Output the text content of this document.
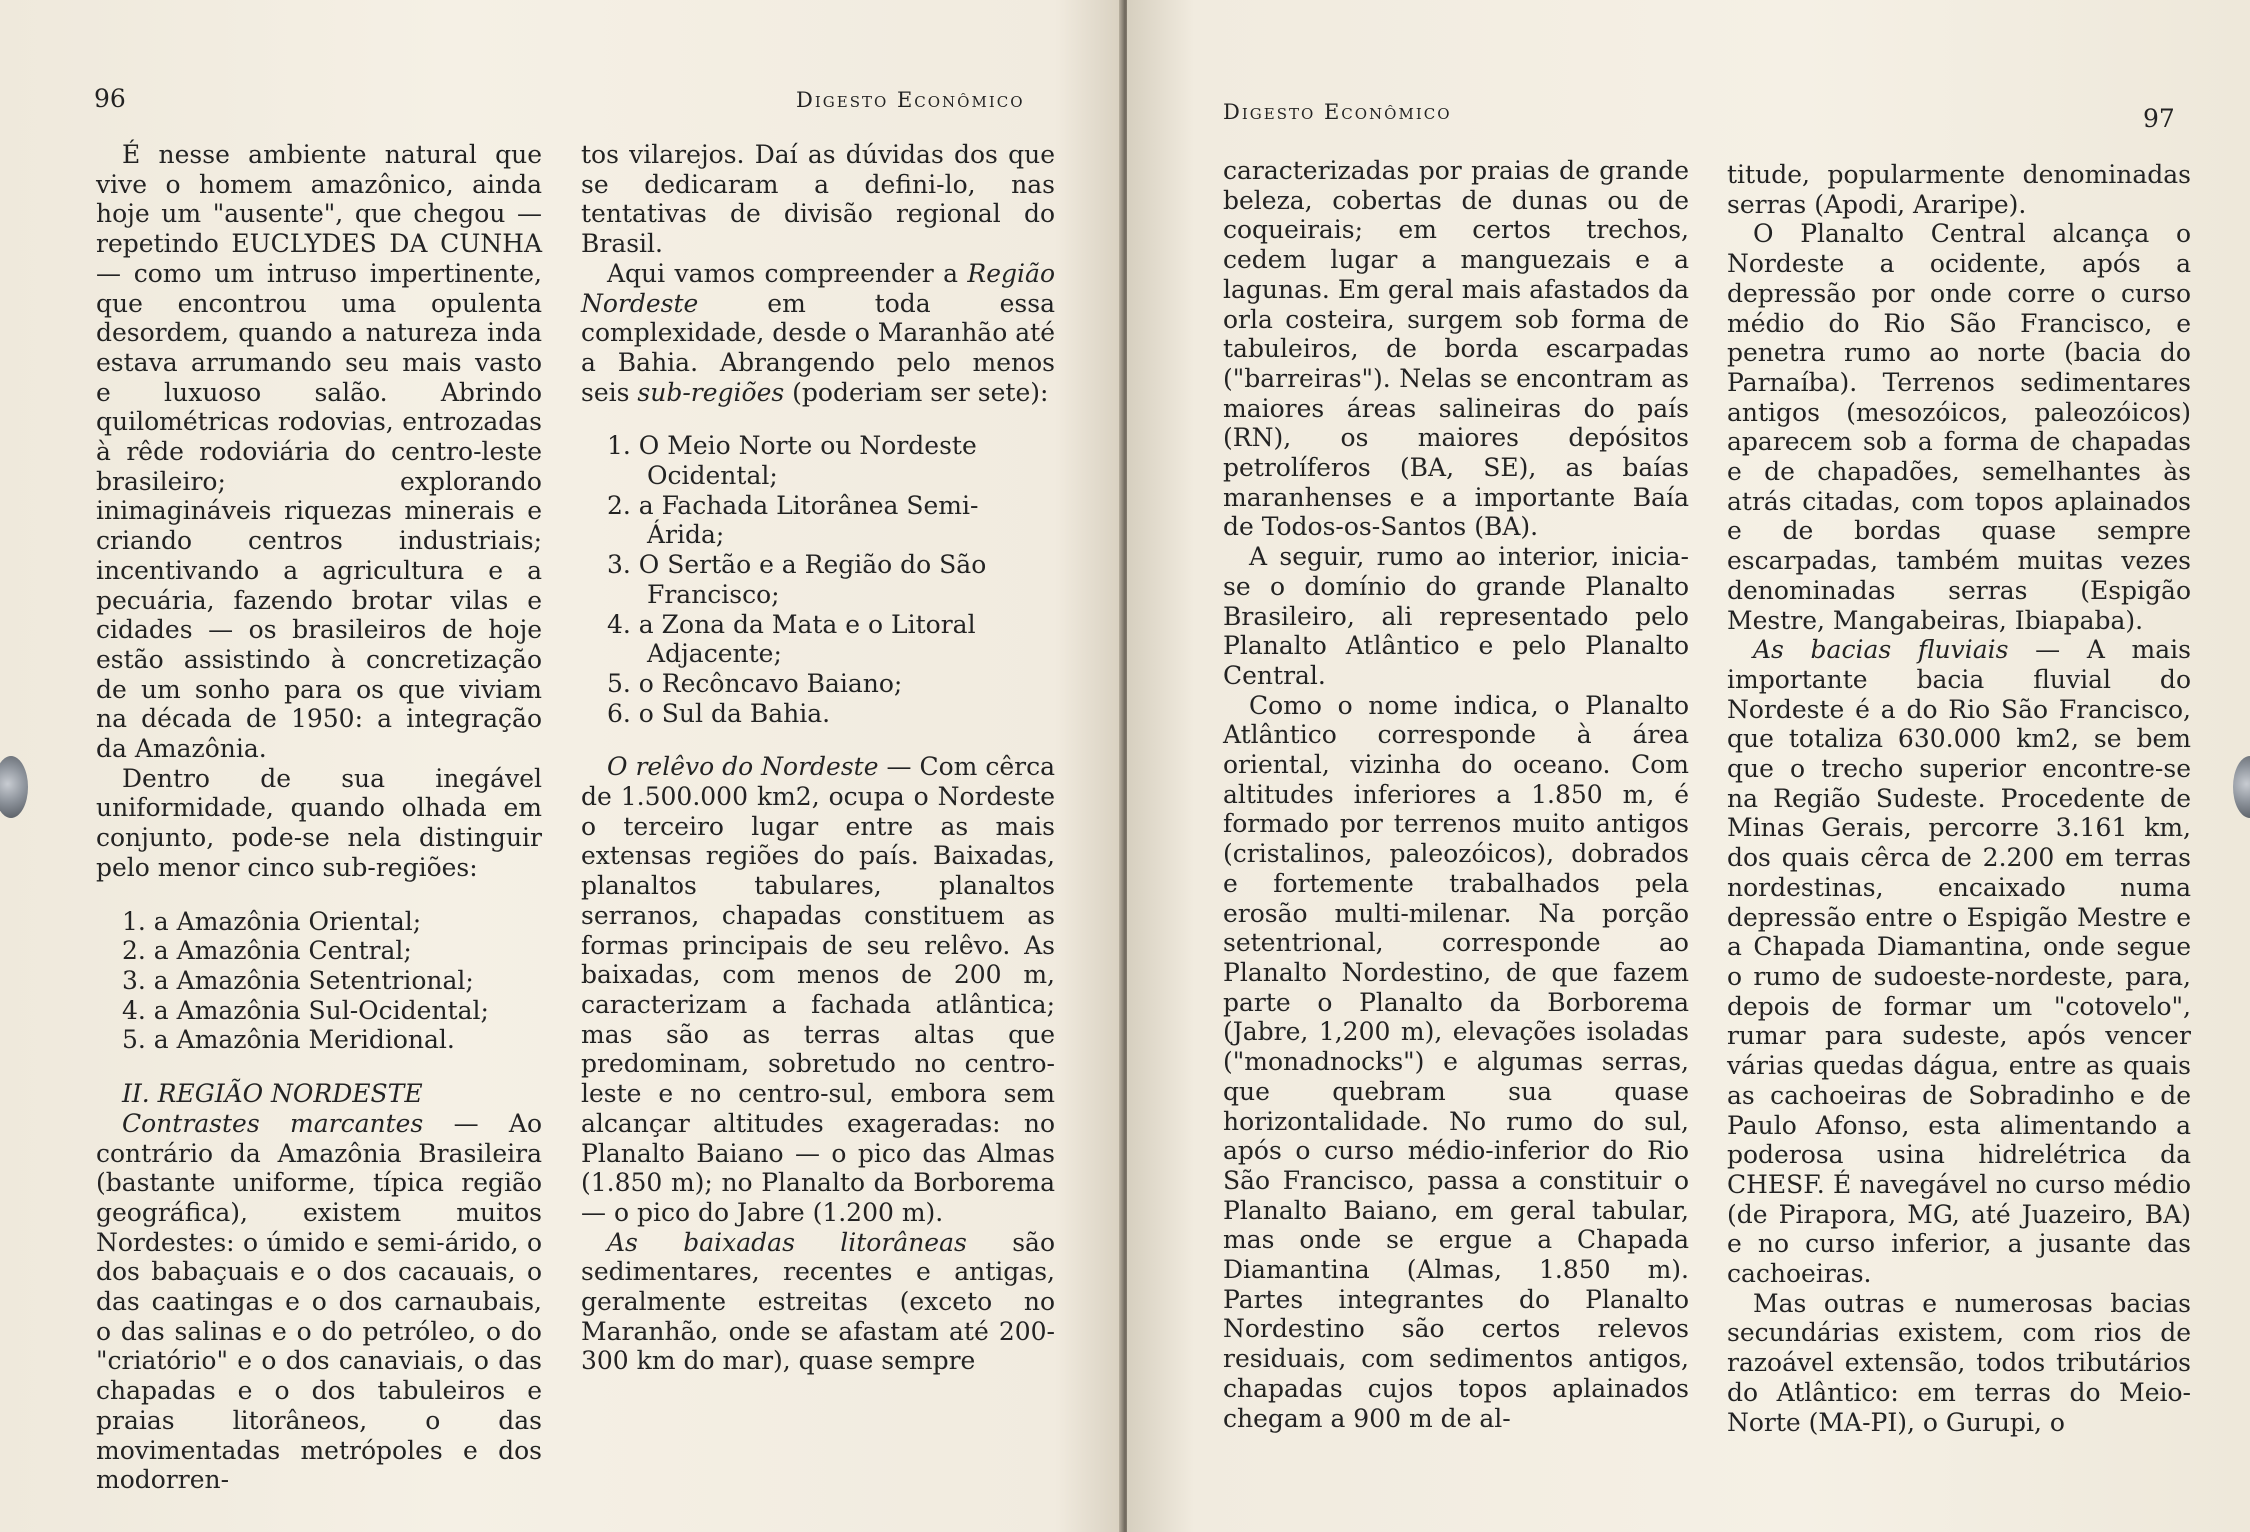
96	Digesto Econômico

É nesse ambiente natural que vive o homem amazônico, ainda hoje um "ausente", que chegou — repetindo EUCLYDES DA CUNHA — como um intruso impertinente, que encontrou uma opulenta desordem, quando a natureza inda estava arrumando seu mais vasto e luxuoso salão. Abrindo quilométricas rodovias, entrozadas à rêde rodoviária do centro-leste brasileiro; explorando inimagináveis riquezas minerais e criando centros industriais; incentivando a agricultura e a pecuária, fazendo brotar vilas e cidades — os brasileiros de hoje estão assistindo à concretização de um sonho para os que viviam na década de 1950: a integração da Amazônia.

Dentro de sua inegável uniformidade, quando olhada em conjunto, pode-se nela distinguir pelo menor cinco sub-regiões:

1. a Amazônia Oriental;
2. a Amazônia Central;
3. a Amazônia Setentrional;
4. a Amazônia Sul-Ocidental;
5. a Amazônia Meridional.

II. REGIÃO NORDESTE

Contrastes marcantes — Ao contrário da Amazônia Brasileira (bastante uniforme, típica região geográfica), existem muitos Nordestes: o úmido e semi-árido, o dos babaçuais e o dos cacauais, o das caatingas e o dos carnaubais, o das salinas e o do petróleo, o do "criatório" e o dos canaviais, o das chapadas e o dos tabuleiros e praias litorâneos, o das movimentadas metrópoles e dos modorren-

tos vilarejos. Daí as dúvidas dos que se dedicaram a defini-lo, nas tentativas de divisão regional do Brasil.

Aqui vamos compreender a Região Nordeste em toda essa complexidade, desde o Maranhão até a Bahia. Abrangendo pelo menos seis sub-regiões (poderiam ser sete):

1. O Meio Norte ou Nordeste Ocidental;
2. a Fachada Litorânea Semi-Árida;
3. O Sertão e a Região do São Francisco;
4. a Zona da Mata e o Litoral Adjacente;
5. o Recôncavo Baiano;
6. o Sul da Bahia.

O relêvo do Nordeste — Com cêrca de 1.500.000 km2, ocupa o Nordeste o terceiro lugar entre as mais extensas regiões do país. Baixadas, planaltos tabulares, planaltos serranos, chapadas constituem as formas principais de seu relêvo. As baixadas, com menos de 200 m, caracterizam a fachada atlântica; mas são as terras altas que predominam, sobretudo no centro-leste e no centro-sul, embora sem alcançar altitudes exageradas: no Planalto Baiano — o pico das Almas (1.850 m); no Planalto da Borborema — o pico do Jabre (1.200 m).

As baixadas litorâneas são sedimentares, recentes e antigas, geralmente estreitas (exceto no Maranhão, onde se afastam até 200-300 km do mar), quase sempre

Digesto Econômico	97

caracterizadas por praias de grande beleza, cobertas de dunas ou de coqueirais; em certos trechos, cedem lugar a manguezais e a lagunas. Em geral mais afastados da orla costeira, surgem sob forma de tabuleiros, de borda escarpadas ("barreiras"). Nelas se encontram as maiores áreas salineiras do país (RN), os maiores depósitos petrolíferos (BA, SE), as baías maranhenses e a importante Baía de Todos-os-Santos (BA).

A seguir, rumo ao interior, inicia-se o domínio do grande Planalto Brasileiro, ali representado pelo Planalto Atlântico e pelo Planalto Central.

Como o nome indica, o Planalto Atlântico corresponde à área oriental, vizinha do oceano. Com altitudes inferiores a 1.850 m, é formado por terrenos muito antigos (cristalinos, paleozóicos), dobrados e fortemente trabalhados pela erosão multi-milenar. Na porção setentrional, corresponde ao Planalto Nordestino, de que fazem parte o Planalto da Borborema (Jabre, 1,200 m), elevações isoladas ("monadnocks") e algumas serras, que quebram sua quase horizontalidade. No rumo do sul, após o curso médio-inferior do Rio São Francisco, passa a constituir o Planalto Baiano, em geral tabular, mas onde se ergue a Chapada Diamantina (Almas, 1.850 m). Partes integrantes do Planalto Nordestino são certos relevos residuais, com sedimentos antigos, chapadas cujos topos aplainados chegam a 900 m de al-

titude, popularmente denominadas serras (Apodi, Araripe).

O Planalto Central alcança o Nordeste a ocidente, após a depressão por onde corre o curso médio do Rio São Francisco, e penetra rumo ao norte (bacia do Parnaíba). Terrenos sedimentares antigos (mesozóicos, paleozóicos) aparecem sob a forma de chapadas e de chapadões, semelhantes às atrás citadas, com topos aplainados e de bordas quase sempre escarpadas, também muitas vezes denominadas serras (Espigão Mestre, Mangabeiras, Ibiapaba).

As bacias fluviais — A mais importante bacia fluvial do Nordeste é a do Rio São Francisco, que totaliza 630.000 km2, se bem que o trecho superior encontre-se na Região Sudeste. Procedente de Minas Gerais, percorre 3.161 km, dos quais cêrca de 2.200 em terras nordestinas, encaixado numa depressão entre o Espigão Mestre e a Chapada Diamantina, onde segue o rumo de sudoeste-nordeste, para, depois de formar um "cotovelo", rumar para sudeste, após vencer várias quedas dágua, entre as quais as cachoeiras de Sobradinho e de Paulo Afonso, esta alimentando a poderosa usina hidrelétrica da CHESF. É navegável no curso médio (de Pirapora, MG, até Juazeiro, BA) e no curso inferior, a jusante das cachoeiras.

Mas outras e numerosas bacias secundárias existem, com rios de razoável extensão, todos tributários do Atlântico: em terras do Meio-Norte (MA-PI), o Gurupi, o
